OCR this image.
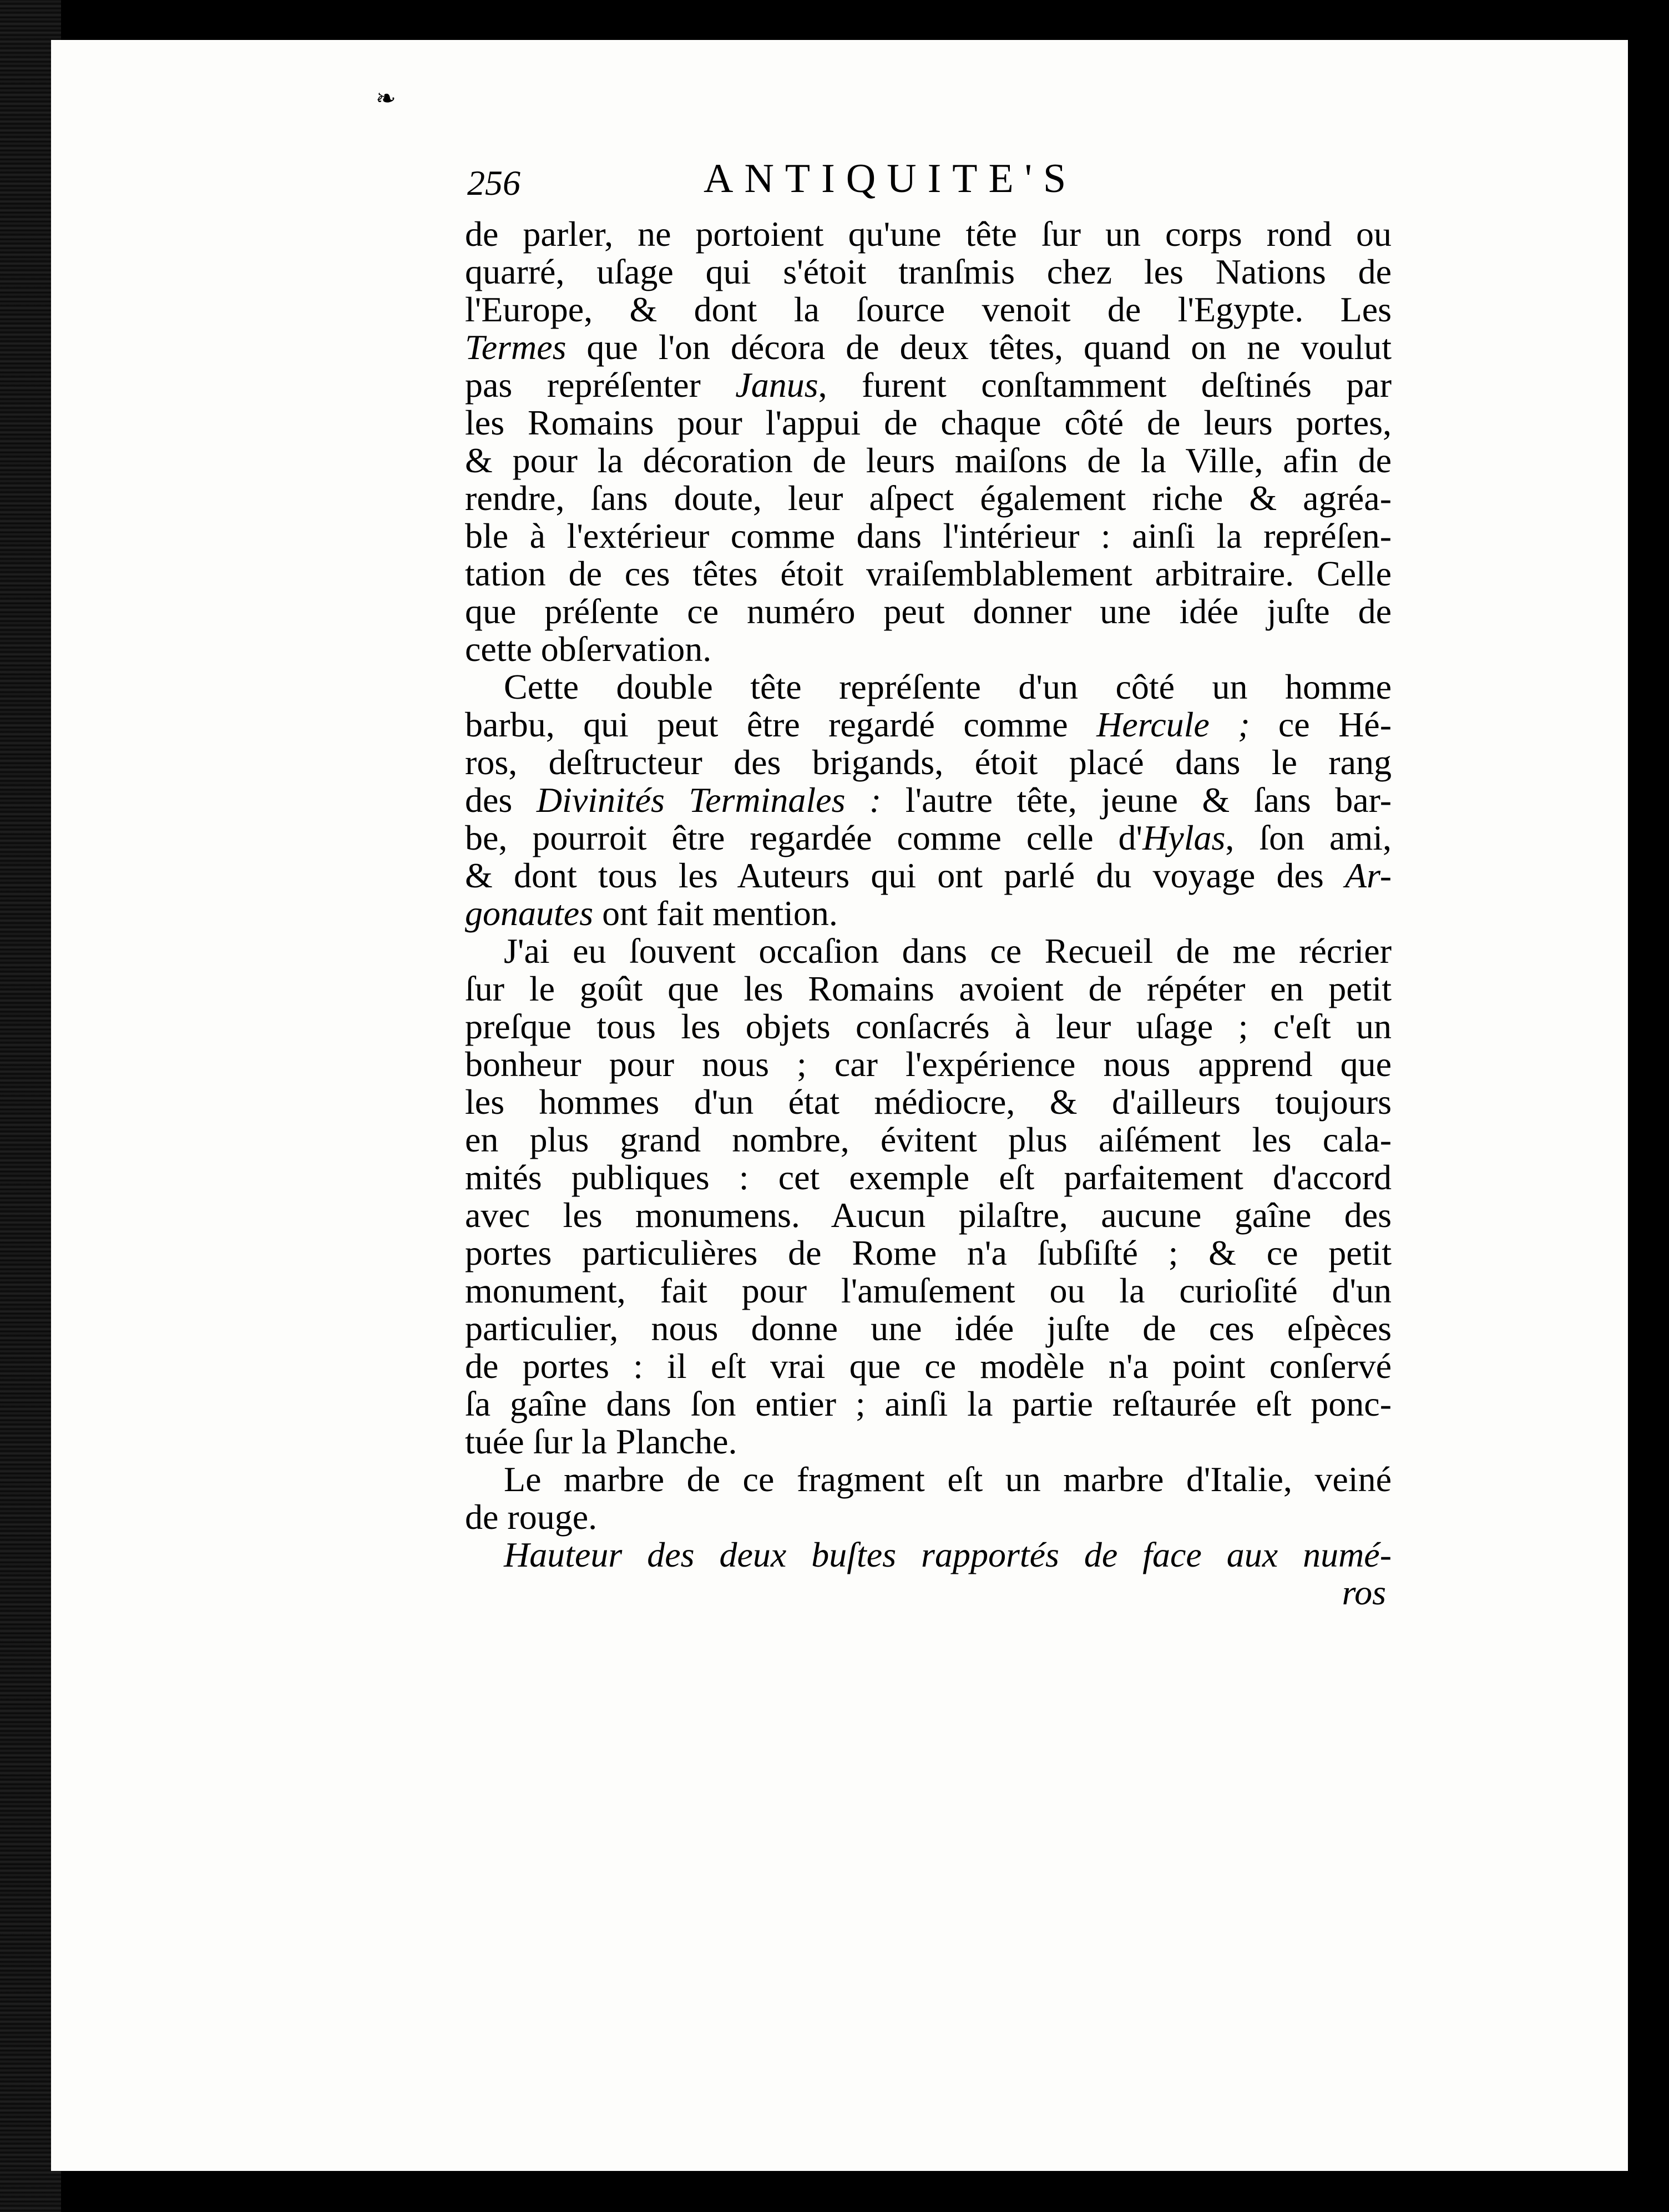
❧
256	ANTIQUITE'S
de parler, ne portoient qu'une tête ſur un corps rond ou
quarré, uſage qui s'étoit tranſmis chez les Nations de
l'Europe, & dont la ſource venoit de l'Egypte. Les
Termes que l'on décora de deux têtes, quand on ne voulut
pas repréſenter Janus, furent conſtamment deſtinés par
les Romains pour l'appui de chaque côté de leurs portes,
& pour la décoration de leurs maiſons de la Ville, afin de
rendre, ſans doute, leur aſpect également riche & agréa-
ble à l'extérieur comme dans l'intérieur : ainſi la repréſen-
tation de ces têtes étoit vraiſemblablement arbitraire. Celle
que préſente ce numéro peut donner une idée juſte de
cette obſervation.
Cette double tête repréſente d'un côté un homme
barbu, qui peut être regardé comme Hercule ; ce Hé-
ros, deſtructeur des brigands, étoit placé dans le rang
des Divinités Terminales : l'autre tête, jeune & ſans bar-
be, pourroit être regardée comme celle d'Hylas, ſon ami,
& dont tous les Auteurs qui ont parlé du voyage des Ar-
gonautes ont fait mention.
J'ai eu ſouvent occaſion dans ce Recueil de me récrier
ſur le goût que les Romains avoient de répéter en petit
preſque tous les objets conſacrés à leur uſage ; c'eſt un
bonheur pour nous ; car l'expérience nous apprend que
les hommes d'un état médiocre, & d'ailleurs toujours
en plus grand nombre, évitent plus aiſément les cala-
mités publiques : cet exemple eſt parfaitement d'accord
avec les monumens. Aucun pilaſtre, aucune gaîne des
portes particulières de Rome n'a ſubſiſté ; & ce petit
monument, fait pour l'amuſement ou la curioſité d'un
particulier, nous donne une idée juſte de ces eſpèces
de portes : il eſt vrai que ce modèle n'a point conſervé
ſa gaîne dans ſon entier ; ainſi la partie reſtaurée eſt ponc-
tuée ſur la Planche.
Le marbre de ce fragment eſt un marbre d'Italie, veiné
de rouge.
Hauteur des deux buſtes rapportés de face aux numé-
ros
